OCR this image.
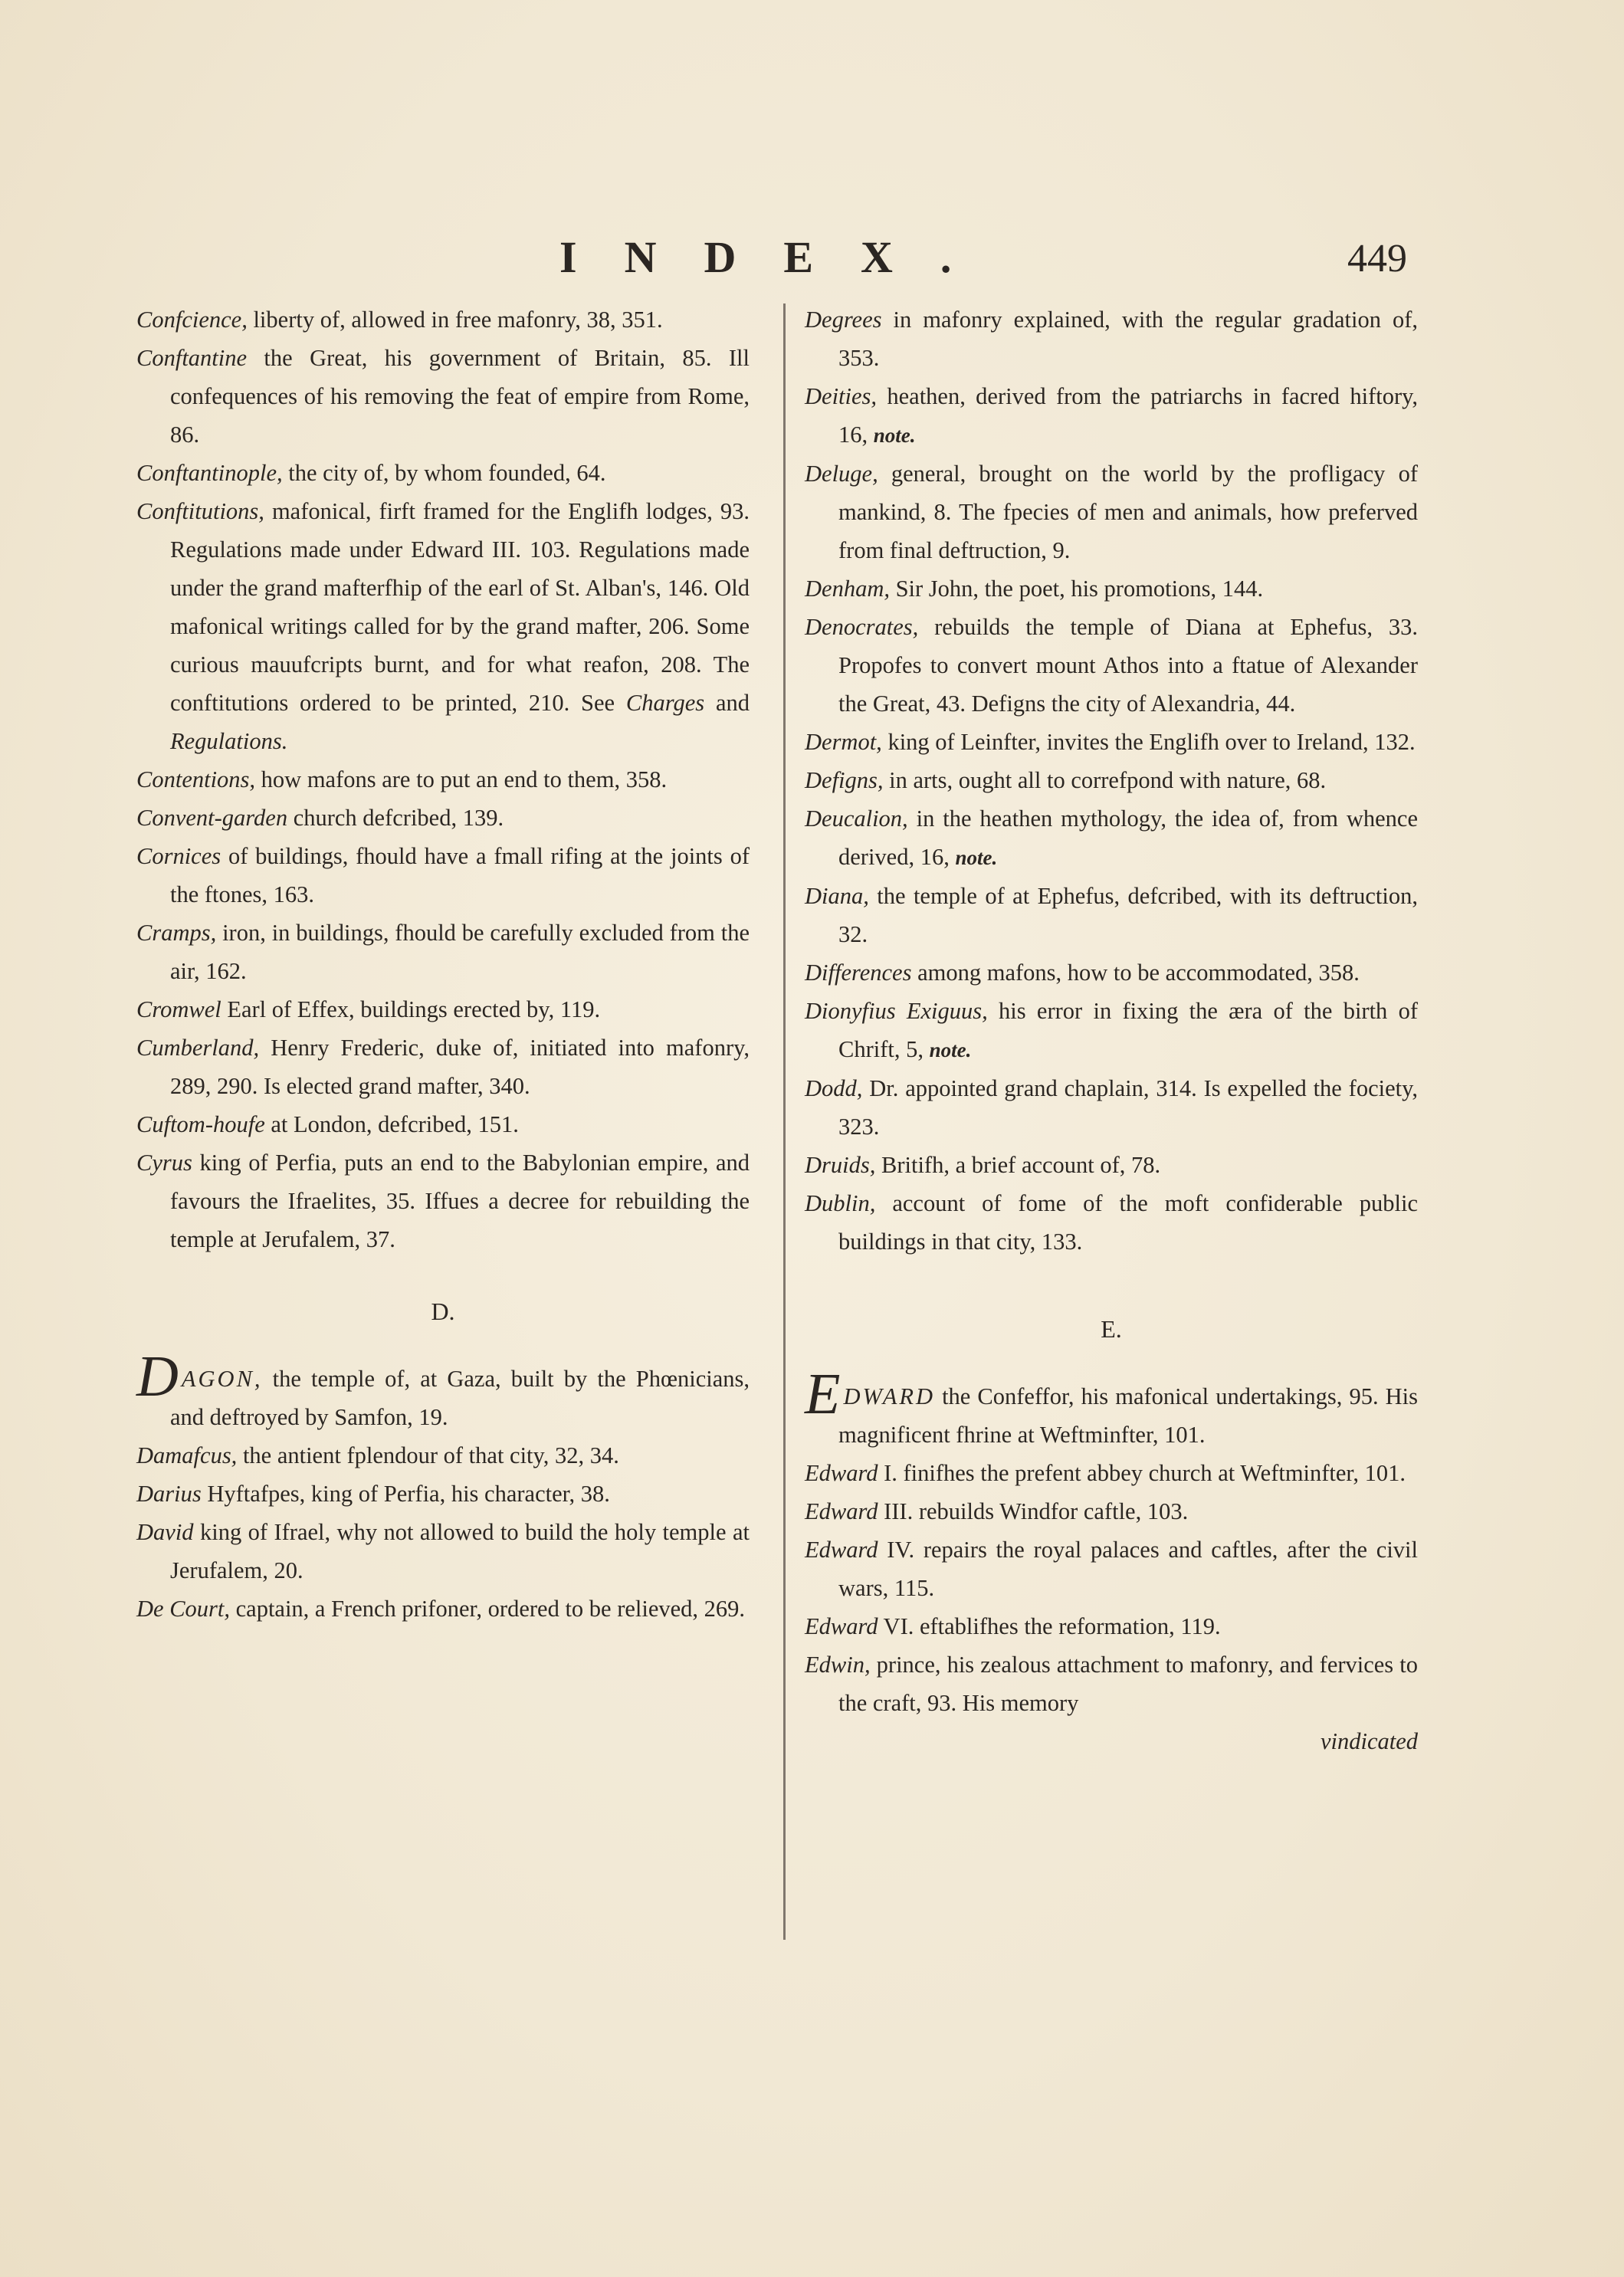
INDEX.	449
Confcience, liberty of, allowed in free mafonry, 38, 351.
Conftantine the Great, his government of Britain, 85. Ill confequences of his removing the feat of empire from Rome, 86.
Conftantinople, the city of, by whom founded, 64.
Conftitutions, mafonical, firft framed for the Englifh lodges, 93. Regulations made under Edward III. 103. Regulations made under the grand mafterfhip of the earl of St. Alban's, 146. Old mafonical writings called for by the grand mafter, 206. Some curious mauufcripts burnt, and for what reafon, 208. The conftitutions ordered to be printed, 210. See Charges and Regulations.
Contentions, how mafons are to put an end to them, 358.
Convent-garden church defcribed, 139.
Cornices of buildings, fhould have a fmall rifing at the joints of the ftones, 163.
Cramps, iron, in buildings, fhould be carefully excluded from the air, 162.
Cromwel Earl of Effex, buildings erected by, 119.
Cumberland, Henry Frederic, duke of, initiated into mafonry, 289, 290. Is elected grand mafter, 340.
Cuftom-houfe at London, defcribed, 151.
Cyrus king of Perfia, puts an end to the Babylonian empire, and favours the Ifraelites, 35. Iffues a decree for rebuilding the temple at Jerufalem, 37.
D.
DAGON, the temple of, at Gaza, built by the Phœnicians, and deftroyed by Samfon, 19.
Damafcus, the antient fplendour of that city, 32, 34.
Darius Hyftafpes, king of Perfia, his character, 38.
David king of Ifrael, why not allowed to build the holy temple at Jerufalem, 20.
De Court, captain, a French prifoner, ordered to be relieved, 269.
Degrees in mafonry explained, with the regular gradation of, 353.
Deities, heathen, derived from the patriarchs in facred hiftory, 16, note.
Deluge, general, brought on the world by the profligacy of mankind, 8. The fpecies of men and animals, how preferved from final deftruction, 9.
Denham, Sir John, the poet, his promotions, 144.
Denocrates, rebuilds the temple of Diana at Ephefus, 33. Propofes to convert mount Athos into a ftatue of Alexander the Great, 43. Defigns the city of Alexandria, 44.
Dermot, king of Leinfter, invites the Englifh over to Ireland, 132.
Defigns, in arts, ought all to correfpond with nature, 68.
Deucalion, in the heathen mythology, the idea of, from whence derived, 16, note.
Diana, the temple of at Ephefus, defcribed, with its deftruction, 32.
Differences among mafons, how to be accommodated, 358.
Dionyfius Exiguus, his error in fixing the æra of the birth of Chrift, 5, note.
Dodd, Dr. appointed grand chaplain, 314. Is expelled the fociety, 323.
Druids, Britifh, a brief account of, 78.
Dublin, account of fome of the moft confiderable public buildings in that city, 133.
E.
EDWARD the Confeffor, his mafonical undertakings, 95. His magnificent fhrine at Weftminfter, 101.
Edward I. finifhes the prefent abbey church at Weftminfter, 101.
Edward III. rebuilds Windfor caftle, 103.
Edward IV. repairs the royal palaces and caftles, after the civil wars, 115.
Edward VI. eftablifhes the reformation, 119.
Edwin, prince, his zealous attachment to mafonry, and fervices to the craft, 93. His memory
vindicated
